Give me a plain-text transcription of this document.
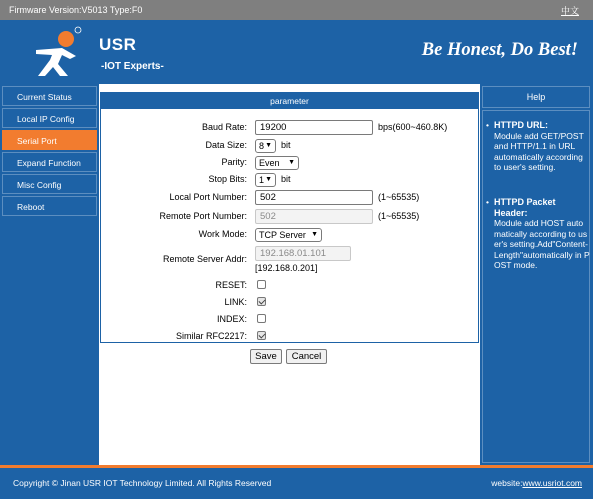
Firmware Version:V5013 Type:F0	中文
USR
-IOT Experts-
Be Honest, Do Best!
Current Status
Local IP Config
Serial Port
Expand Function
Misc Config
Reboot
parameter
Baud Rate:	19200	bps(600~460.8K)
Data Size:	8 ▼ bit
Parity:	Even ▼
Stop Bits:	1 ▼ bit
Local Port Number:	502	(1~65535)
Remote Port Number:	502	(1~65535)
Work Mode:	TCP Server ▼
Remote Server Addr:	192.168.01.101
[192.168.0.201]
RESET:
LINK:
INDEX:
Similar RFC2217:
Save	Cancel
Help
• HTTPD URL:
Module add GET/POST and HTTP/1.1 in URL automatically according to user's setting.
• HTTPD Packet Header:
Module add HOST automatically according to user's setting.Add"Content-Length"automatically in POST mode.
Copyright © Jinan USR IOT Technology Limited. All Rights Reserved	website:www.usriot.com
